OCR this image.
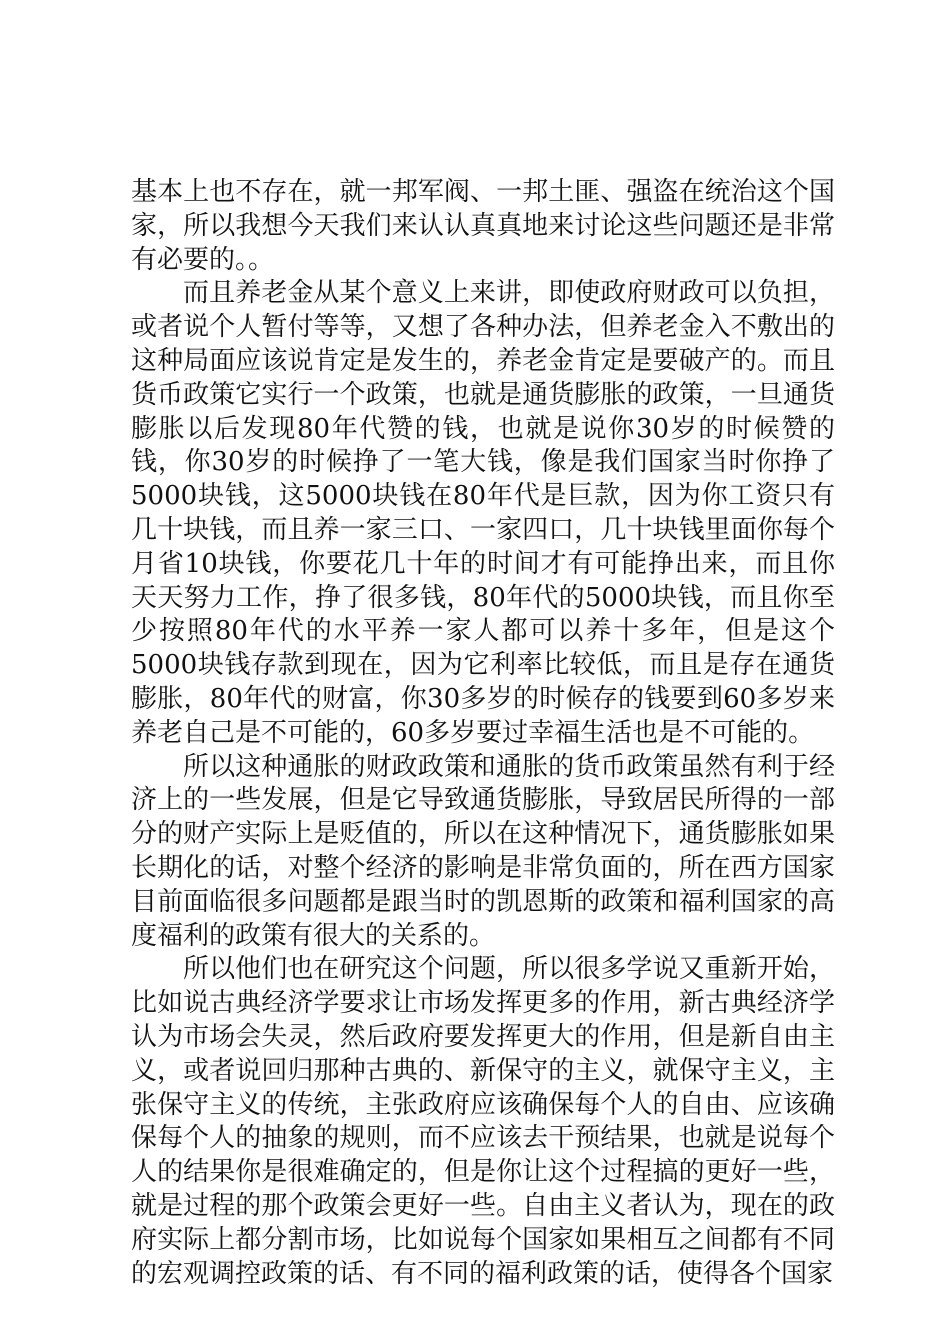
基本上也不存在，就一邦军阀、一邦土匪、强盗在统治这个国家，所以我想今天我们来认认真真地来讨论这些问题还是非常有必要的。。

而且养老金从某个意义上来讲，即使政府财政可以负担，或者说个人暂付等等，又想了各种办法，但养老金入不敷出的这种局面应该说肯定是发生的，养老金肯定是要破产的。而且货币政策它实行一个政策，也就是通货膨胀的政策，一旦通货膨胀以后发现80年代赞的钱，也就是说你30岁的时候赞的钱，你30岁的时候挣了一笔大钱，像是我们国家当时你挣了5000块钱，这5000块钱在80年代是巨款，因为你工资只有几十块钱，而且养一家三口、一家四口，几十块钱里面你每个月省10块钱，你要花几十年的时间才有可能挣出来，而且你天天努力工作，挣了很多钱，80年代的5000块钱，而且你至少按照80年代的水平养一家人都可以养十多年，但是这个5000块钱存款到现在，因为它利率比较低，而且是存在通货膨胀，80年代的财富，你30多岁的时候存的钱要到60多岁来养老自己是不可能的，60多岁要过幸福生活也是不可能的。

所以这种通胀的财政政策和通胀的货币政策虽然有利于经济上的一些发展，但是它导致通货膨胀，导致居民所得的一部分的财产实际上是贬值的，所以在这种情况下，通货膨胀如果长期化的话，对整个经济的影响是非常负面的，所在西方国家目前面临很多问题都是跟当时的凯恩斯的政策和福利国家的高度福利的政策有很大的关系的。

所以他们也在研究这个问题，所以很多学说又重新开始，比如说古典经济学要求让市场发挥更多的作用，新古典经济学认为市场会失灵，然后政府要发挥更大的作用，但是新自由主义，或者说回归那种古典的、新保守的主义，就保守主义，主张保守主义的传统，主张政府应该确保每个人的自由、应该确保每个人的抽象的规则，而不应该去干预结果，也就是说每个人的结果你是很难确定的，但是你让这个过程搞的更好一些，就是过程的那个政策会更好一些。自由主义者认为，现在的政府实际上都分割市场，比如说每个国家如果相互之间都有不同的宏观调控政策的话、有不同的福利政策的话，使得各个国家
